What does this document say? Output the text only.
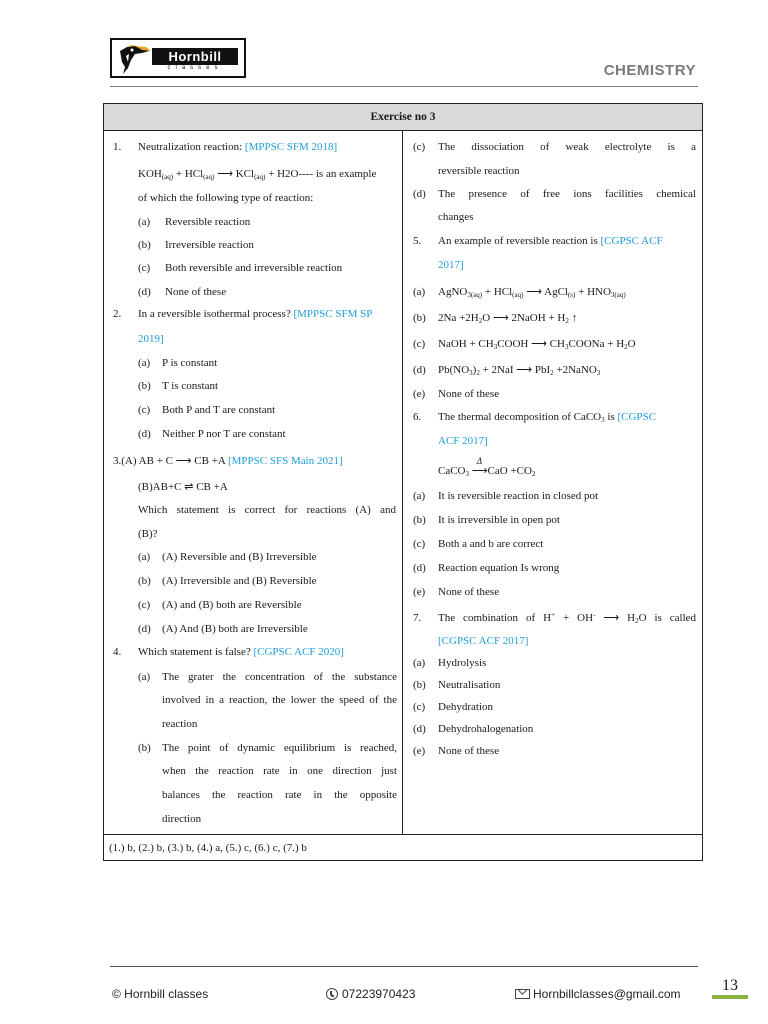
Hornbill
classes	CHEMISTRY
Exercise no 3
1. Neutralization reaction: [MPPSC SFM 2018]
$KOH_{(aq)} + HCl_{(aq)}$ ⟶ KCl$_{(aq)}$ + H2O---- is an example
of which the following type of reaction:
(a) Reversible reaction
(b) Irreversible reaction
(c) Both reversible and irreversible reaction
(d) None of these
2. In a reversible isothermal process? [MPPSC SFM SP
2019]
(a) P is constant
(b) T is constant
(c) Both P and T are constant
(d) Neither P nor T are constant
3.(A) AB + C ⟶ CB +A [MPPSC SFS Main 2021]
(B)AB+C ⇌ CB +A
Which statement is correct for reactions (A) and
(B)?
(a) (A) Reversible and (B) Irreversible
(b) (A) Irreversible and (B) Reversible
(c) (A) and (B) both are Reversible
(d) (A) And (B) both are Irreversible
4. Which statement is false? [CGPSC ACF 2020]
(a) The grater the concentration of the substance
involved in a reaction, the lower the speed of the
reaction
(b) The point of dynamic equilibrium is reached,
when the reaction rate in one direction just
balances the reaction rate in the opposite
direction
(c) The dissociation of weak electrolyte is a
reversible reaction
(d) The presence of free ions facilities chemical
changes
5. An example of reversible reaction is [CGPSC ACF
2017]
(a) AgNO$_{3(aq)}$ + HCl$_{(aq)}$ ⟶ AgCl$_{(s)}$ + $HNO_{3(aq)}$
(b) $2Na +2H_2O$ ⟶ 2NaOH + $H_2$ ↑
(c) NaOH + $CH_3COOH$ ⟶ $CH_3COONa + H_2O$
(d) $Pb(NO_3)_2 + 2NaI$ ⟶ PbI$_2$ +2NaNO$_3$
(e) None of these
6. The thermal decomposition of CaCO$_3$ is [CGPSC
ACF 2017]
CaCO$_3$
Δ
⟶CaO $+CO_2$
(a) It is reversible reaction in closed pot
(b) It is irreversible in open pot
(c) Both a and b are correct
(d) Reaction equation Is wrong
(e) None of these
7. The combination of H+ + OH- ⟶ $H_2O$ is called
[CGPSC ACF 2017]
(a) Hydrolysis
(b) Neutralisation
(c) Dehydration
(d) Dehydrohalogenation
(e) None of these
(1.) b, (2.) b, (3.) b, (4.) a, (5.) c, (6.) c, (7.) b
© Hornbill classes	07223970423	Hornbillclasses@gmail.com	13
